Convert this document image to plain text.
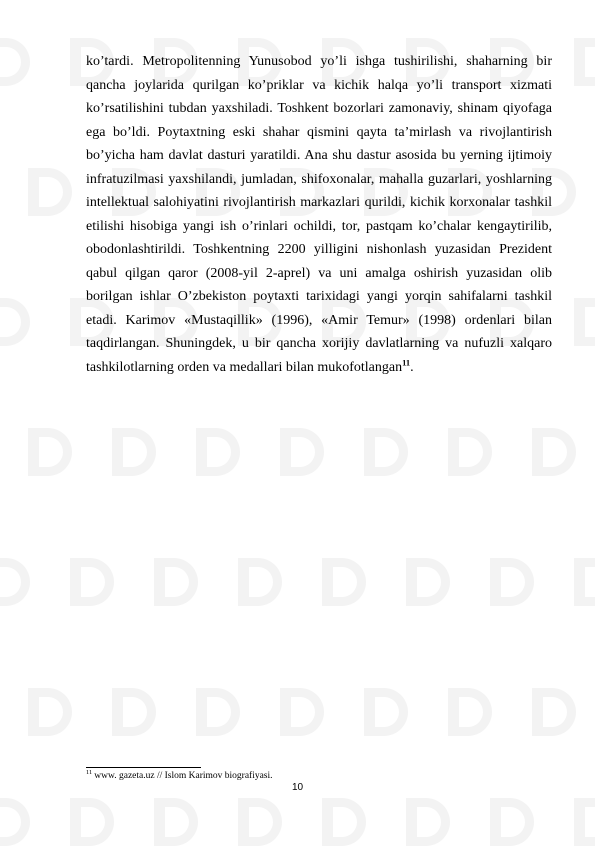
ko’tardi. Metropolitenning Yunusobod yo’li ishga tushirilishi, shaharning bir qancha joylarida qurilgan ko’priklar va kichik halqa yo’li transport xizmati ko’rsatilishini tubdan yaxshiladi. Toshkent bozorlari zamonaviy, shinam qiyofaga ega bo’ldi. Poytaxtning eski shahar qismini qayta ta’mirlash va rivojlantirish bo’yicha ham davlat dasturi yaratildi. Ana shu dastur asosida bu yerning ijtimoiy infratuzilmasi yaxshilandi, jumladan, shifoxonalar, mahalla guzarlari, yoshlarning intellektual salohiyatini rivojlantirish markazlari qurildi, kichik korxonalar tashkil etilishi hisobiga yangi ish o’rinlari ochildi, tor, pastqam ko’chalar kengaytirilib, obodonlashtirildi. Toshkentning 2200 yilligini nishonlash yuzasidan Prezident qabul qilgan qaror (2008-yil 2-aprel) va uni amalga oshirish yuzasidan olib borilgan ishlar O’zbekiston poytaxti tarixidagi yangi yorqin sahifalarni tashkil etadi. Karimov «Mustaqillik» (1996), «Amir Temur» (1998) ordenlari bilan taqdirlangan. Shuningdek, u bir qancha xorijiy davlatlarning va nufuzli xalqaro tashkilotlarning orden va medallari bilan mukofotlangan$^{11}$.

$^{11}$ www. gazeta.uz // Islom Karimov biografiyasi.
10
